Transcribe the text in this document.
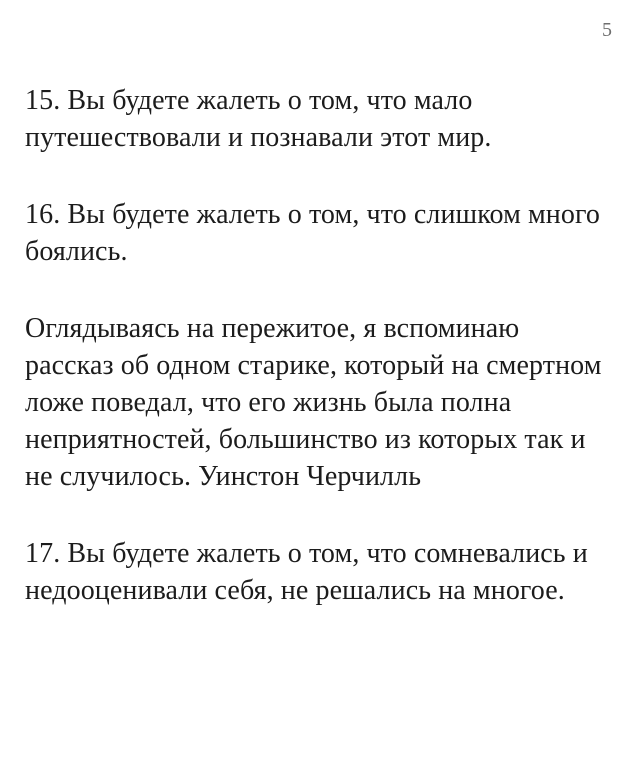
5

15. Вы будете жалеть о том, что мало путешествовали и познавали этот мир.

16. Вы будете жалеть о том, что слишком много боялись.

Оглядываясь на пережитое, я вспоминаю рассказ об одном старике, который на смертном ложе поведал, что его жизнь была полна неприятностей, большинство из которых так и не случилось. Уинстон Черчилль

17. Вы будете жалеть о том, что сомневались и недооценивали себя, не решались на многое.
